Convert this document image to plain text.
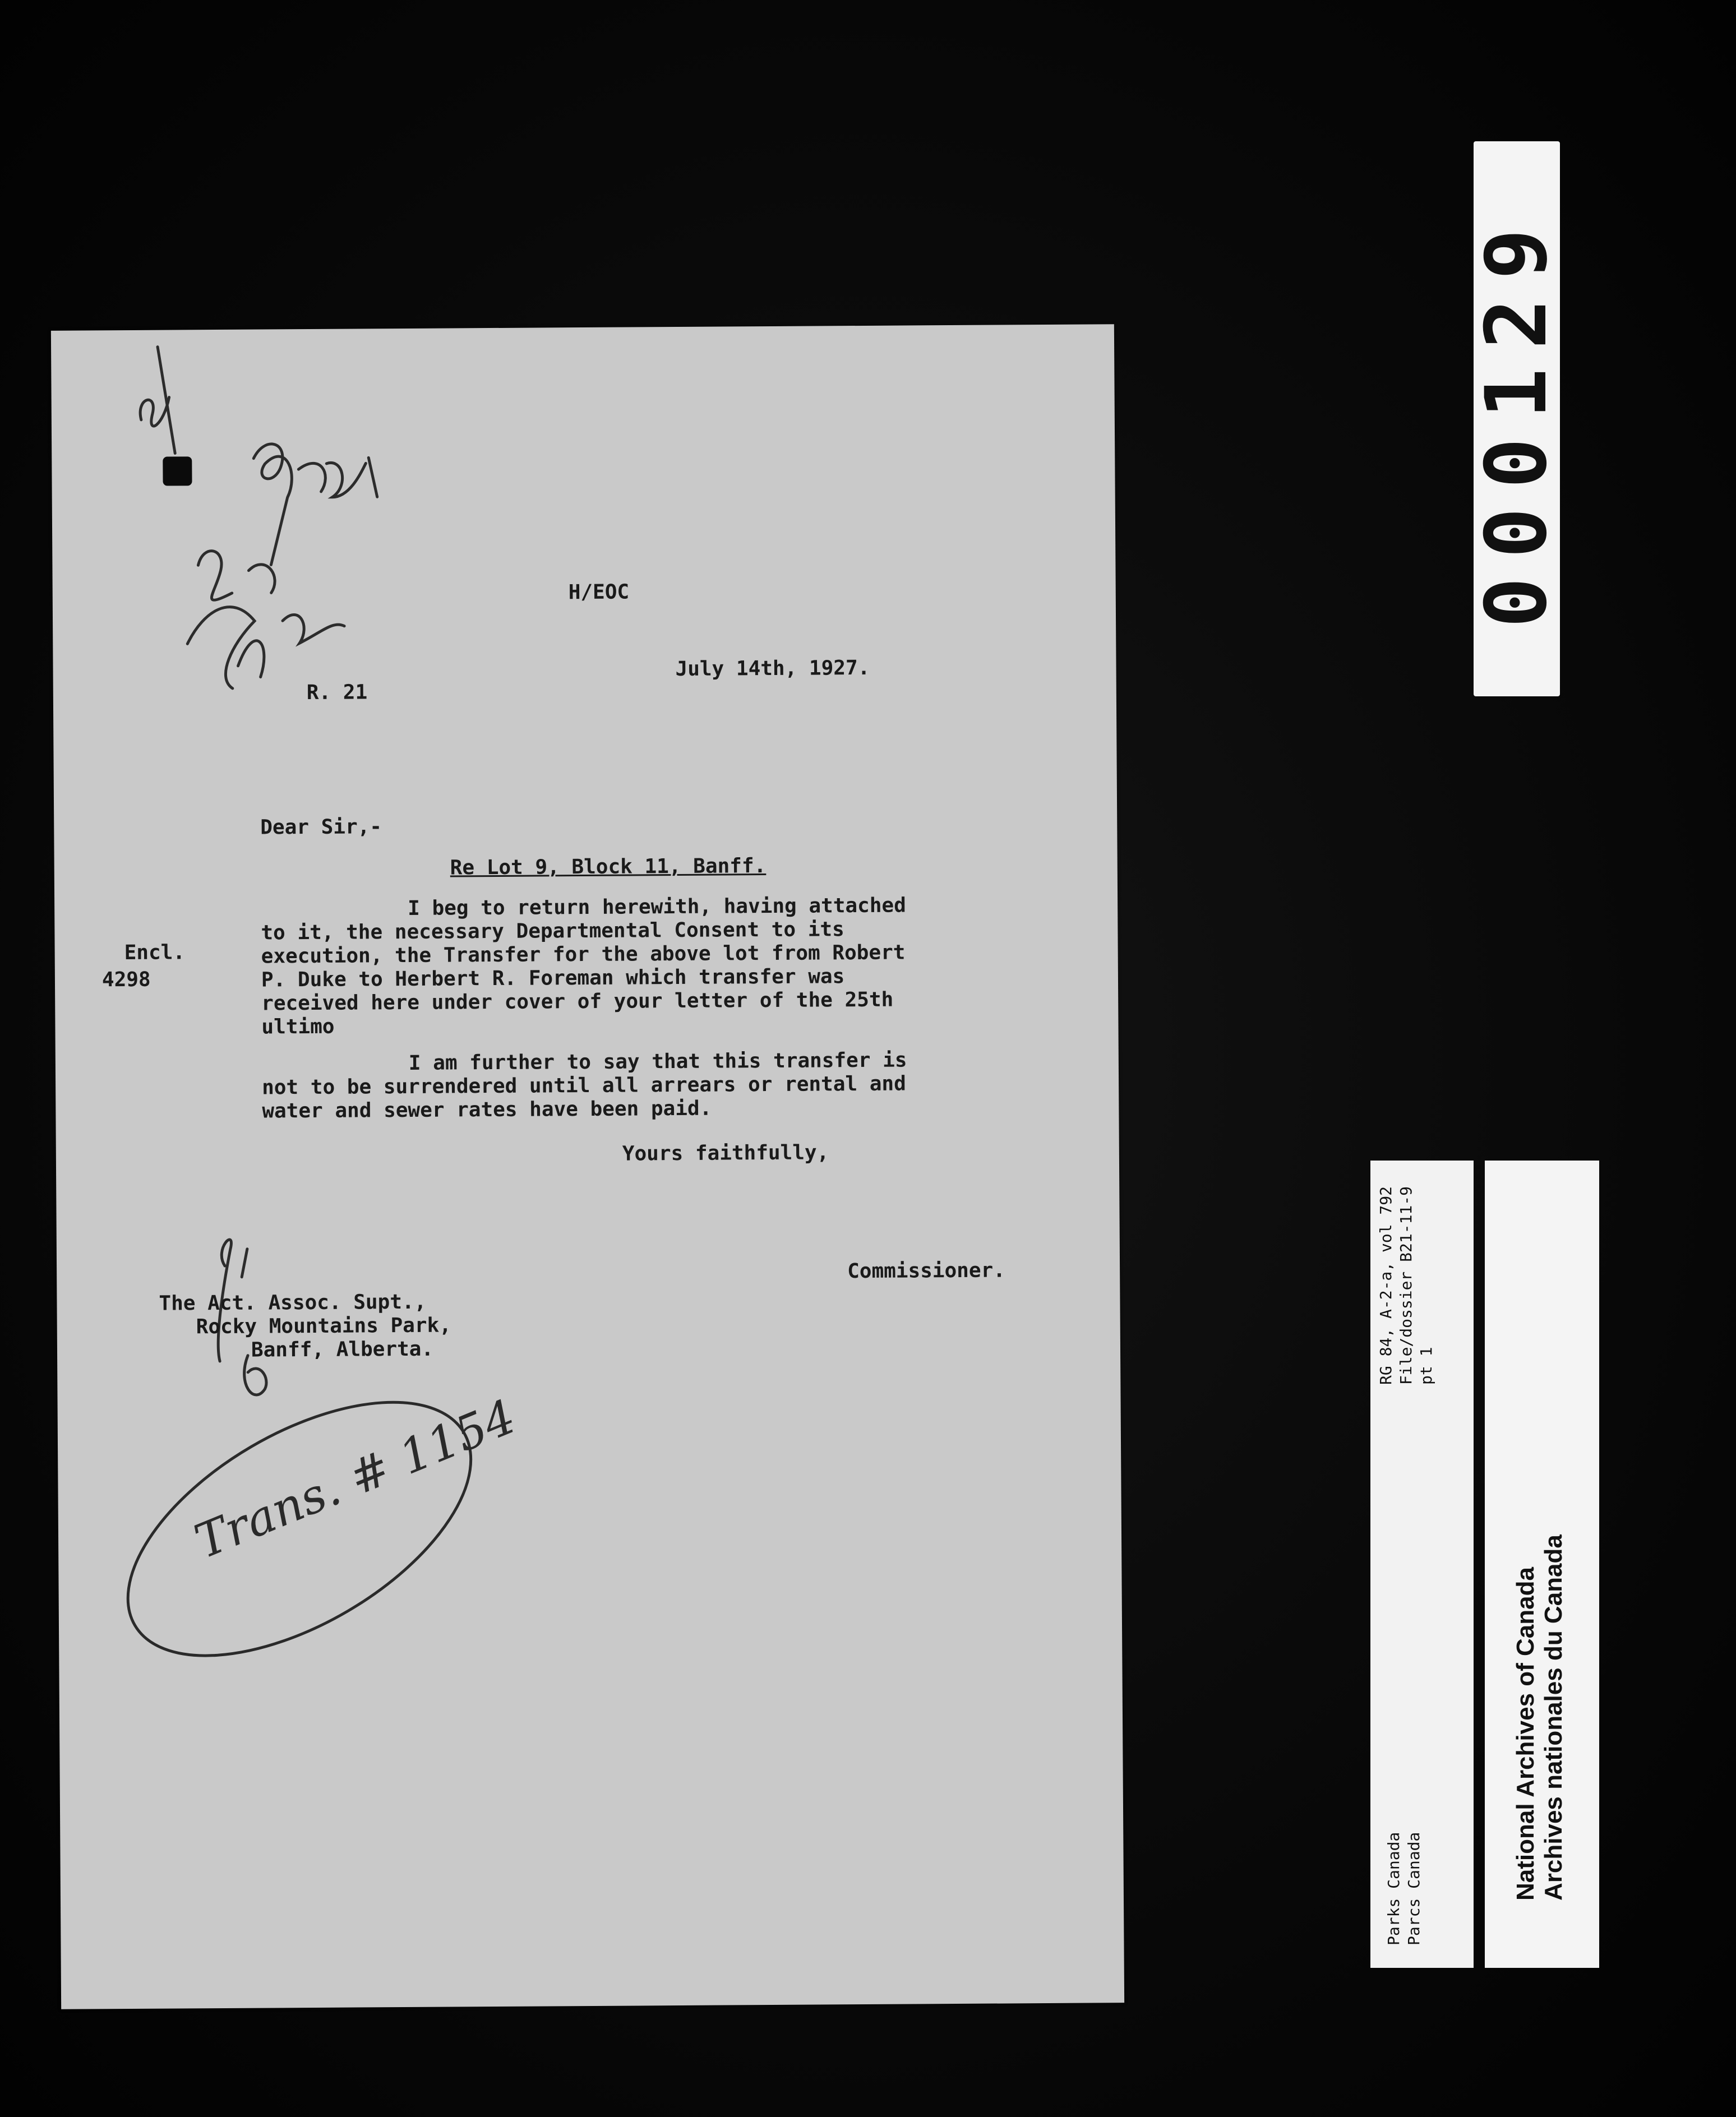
000129
Trans. # 1154
H/EOC
July 14th, 1927.
R. 21
Dear Sir,-
Re Lot 9, Block 11, Banff.
Encl.
4298
I beg to return herewith, having attached
to it, the necessary Departmental Consent to its
execution, the Transfer for the above lot from Robert
P. Duke to Herbert R. Foreman which transfer was
received here under cover of your letter of the 25th
ultimo
I am further to say that this transfer is
not to be surrendered until all arrears or rental and
water and sewer rates have been paid.
Yours faithfully,
Commissioner.
The Act. Assoc. Supt.,
Rocky Mountains Park,
Banff, Alberta.
Parks Canada Parcs Canada
RG 84, A-2-a, vol 792 File/dossier B21-11-9 pt 1
National Archives of Canada Archives nationales du Canada
